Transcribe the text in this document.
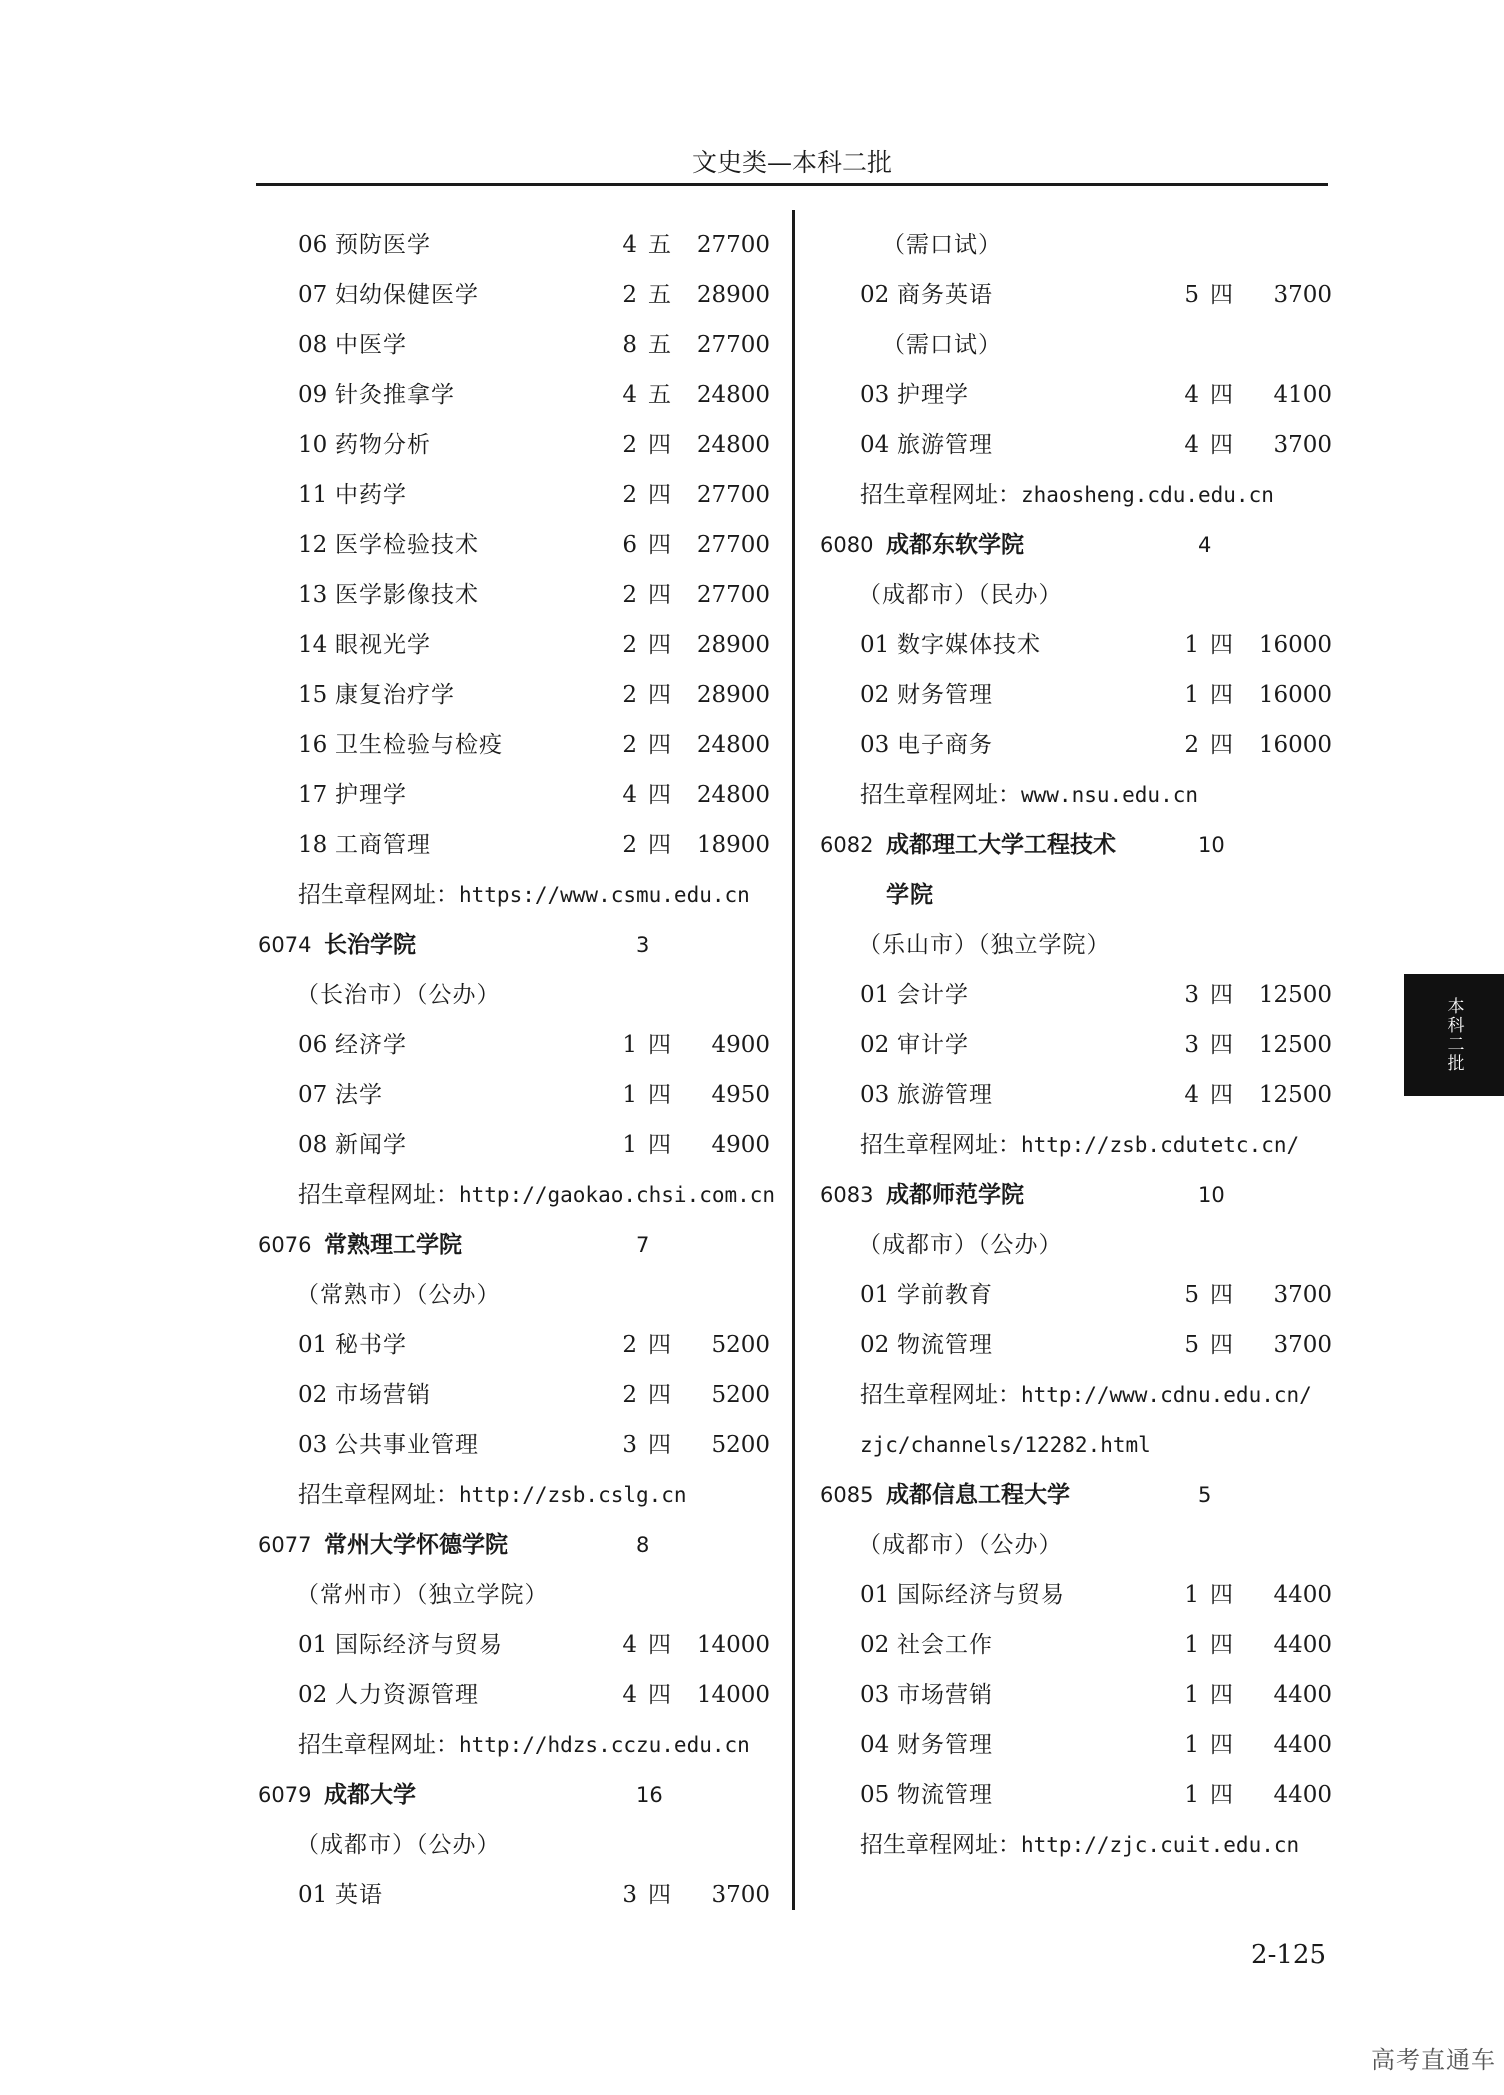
文史类—本科二批
06 预防医学	4 五	27700
07 妇幼保健医学	2 五	28900
08 中医学	8 五	27700
09 针灸推拿学	4 五	24800
10 药物分析	2 四	24800
11 中药学	2 四	27700
12 医学检验技术	6 四	27700
13 医学影像技术	2 四	27700
14 眼视光学	2 四	28900
15 康复治疗学	2 四	28900
16 卫生检验与检疫	2 四	24800
17 护理学	4 四	24800
18 工商管理	2 四	18900
招生章程网址：https://www.csmu.edu.cn
6074 长治学院	3
（长治市）（公办）
06 经济学	1 四	4900
07 法学	1 四	4950
08 新闻学	1 四	4900
招生章程网址：http://gaokao.chsi.com.cn
6076 常熟理工学院	7
（常熟市）（公办）
01 秘书学	2 四	5200
02 市场营销	2 四	5200
03 公共事业管理	3 四	5200
招生章程网址：http://zsb.cslg.cn
6077 常州大学怀德学院	8
（常州市）（独立学院）
01 国际经济与贸易	4 四	14000
02 人力资源管理	4 四	14000
招生章程网址：http://hdzs.cczu.edu.cn
6079 成都大学	16
（成都市）（公办）
01 英语	3 四	3700
（需口试）
02 商务英语	5 四	3700
（需口试）
03 护理学	4 四	4100
04 旅游管理	4 四	3700
招生章程网址：zhaosheng.cdu.edu.cn
6080 成都东软学院	4
（成都市）（民办）
01 数字媒体技术	1 四	16000
02 财务管理	1 四	16000
03 电子商务	2 四	16000
招生章程网址：www.nsu.edu.cn
6082 成都理工大学工程技术	10
学院
（乐山市）（独立学院）
01 会计学	3 四	12500
02 审计学	3 四	12500
03 旅游管理	4 四	12500
招生章程网址：http://zsb.cdutetc.cn/
6083 成都师范学院	10
（成都市）（公办）
01 学前教育	5 四	3700
02 物流管理	5 四	3700
招生章程网址：http://www.cdnu.edu.cn/
zjc/channels/12282.html
6085 成都信息工程大学	5
（成都市）（公办）
01 国际经济与贸易	1 四	4400
02 社会工作	1 四	4400
03 市场营销	1 四	4400
04 财务管理	1 四	4400
05 物流管理	1 四	4400
招生章程网址：http://zjc.cuit.edu.cn
本科二批
2-125
高考直通车
